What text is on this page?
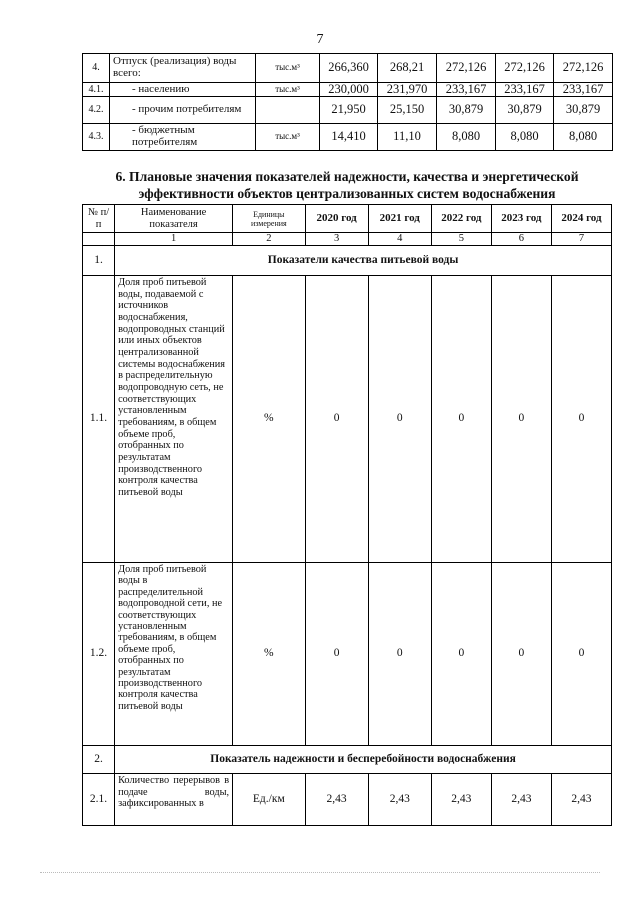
7
4.	Отпуск (реализация) воды всего:	тыс.м³	266,360	268,21	272,126	272,126	272,126
4.1.	- населению	тыс.м³	230,000	231,970	233,167	233,167	233,167
4.2.	- прочим потребителям		21,950	25,150	30,879	30,879	30,879
4.3.	- бюджетным потребителям	тыс.м³	14,410	11,10	8,080	8,080	8,080
6. Плановые значения показателей надежности, качества и энергетической эффективности объектов централизованных систем водоснабжения
№ п/п	Наименование показателя	Единицы измерения	2020 год	2021 год	2022 год	2023 год	2024 год
	1	2	3	4	5	6	7
1.	Показатели качества питьевой воды						
1.1.	Доля проб питьевой воды, подаваемой с источников водоснабжения, водопроводных станций или иных объектов централизованной системы водоснабжения в распределительную водопроводную сеть, не соответствующих установленным требованиям, в общем объеме проб, отобранных по результатам производственного контроля качества питьевой воды	%	0	0	0	0	0
1.2.	Доля проб питьевой воды в распределительной водопроводной сети, не соответствующих установленным требованиям, в общем объеме проб, отобранных по результатам производственного контроля качества питьевой воды	%	0	0	0	0	0
2.	Показатель надежности и бесперебойности водоснабжения						
2.1.	Количество перерывов в подаче воды, зафиксированных в	Ед./км	2,43	2,43	2,43	2,43	2,43
